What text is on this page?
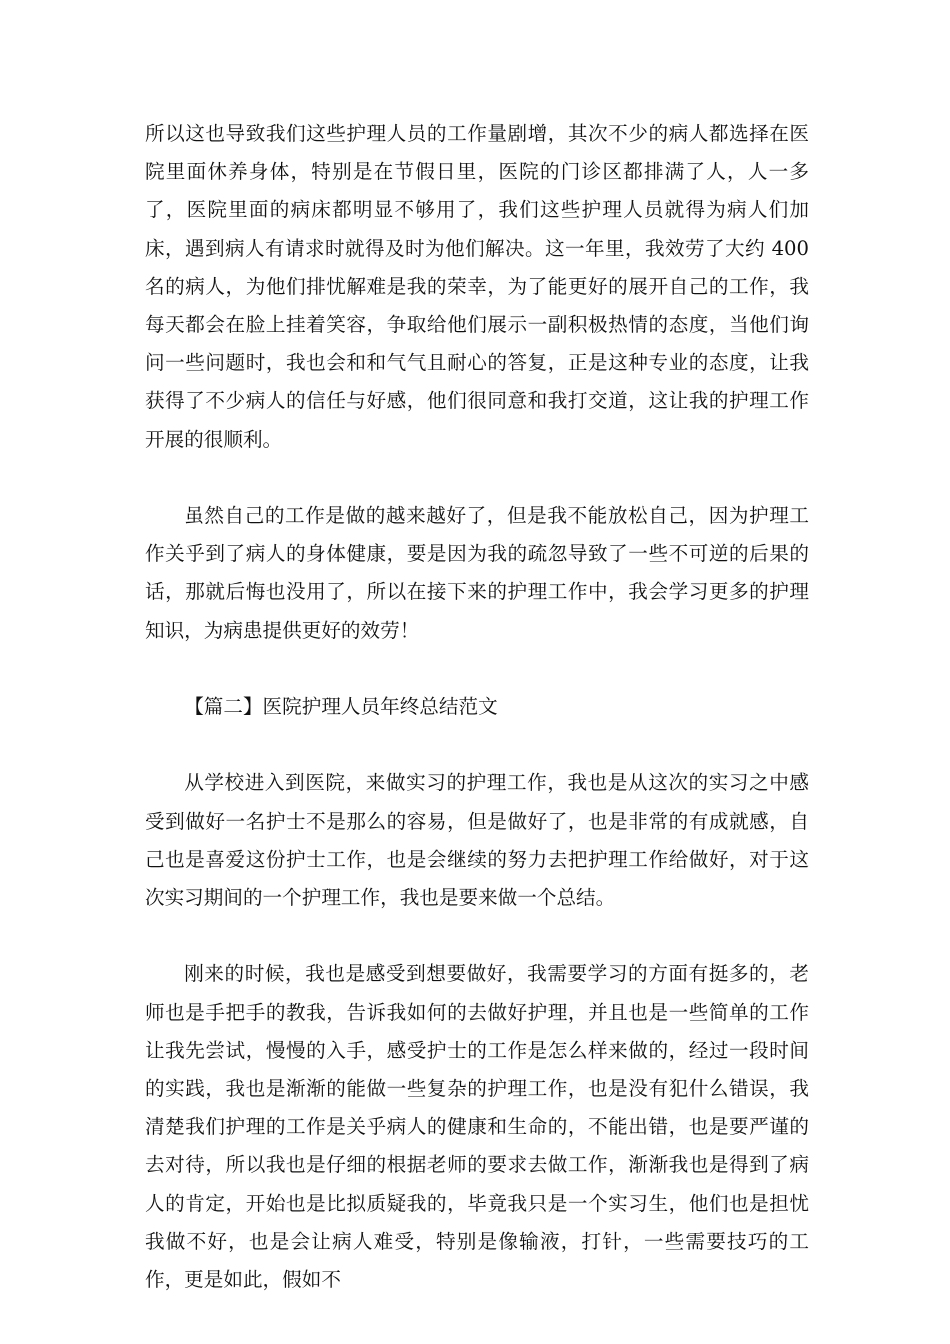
所以这也导致我们这些护理人员的工作量剧增，其次不少的病人都选择在医院里面休养身体，特别是在节假日里，医院的门诊区都排满了人，人一多了，医院里面的病床都明显不够用了，我们这些护理人员就得为病人们加床，遇到病人有请求时就得及时为他们解决。这一年里，我效劳了大约 400 名的病人，为他们排忧解难是我的荣幸，为了能更好的展开自己的工作，我每天都会在脸上挂着笑容，争取给他们展示一副积极热情的态度，当他们询问一些问题时，我也会和和气气且耐心的答复，正是这种专业的态度，让我获得了不少病人的信任与好感，他们很同意和我打交道，这让我的护理工作开展的很顺利。

虽然自己的工作是做的越来越好了，但是我不能放松自己，因为护理工作关乎到了病人的身体健康，要是因为我的疏忽导致了一些不可逆的后果的话，那就后悔也没用了，所以在接下来的护理工作中，我会学习更多的护理知识，为病患提供更好的效劳！

【篇二】医院护理人员年终总结范文

从学校进入到医院，来做实习的护理工作，我也是从这次的实习之中感受到做好一名护士不是那么的容易，但是做好了，也是非常的有成就感，自己也是喜爱这份护士工作，也是会继续的努力去把护理工作给做好，对于这次实习期间的一个护理工作，我也是要来做一个总结。

刚来的时候，我也是感受到想要做好，我需要学习的方面有挺多的，老师也是手把手的教我，告诉我如何的去做好护理，并且也是一些简单的工作让我先尝试，慢慢的入手，感受护士的工作是怎么样来做的，经过一段时间的实践，我也是渐渐的能做一些复杂的护理工作，也是没有犯什么错误，我清楚我们护理的工作是关乎病人的健康和生命的，不能出错，也是要严谨的去对待，所以我也是仔细的根据老师的要求去做工作，渐渐我也是得到了病人的肯定，开始也是比拟质疑我的，毕竟我只是一个实习生，他们也是担忧我做不好，也是会让病人难受，特别是像输液，打针，一些需要技巧的工作，更是如此，假如不
